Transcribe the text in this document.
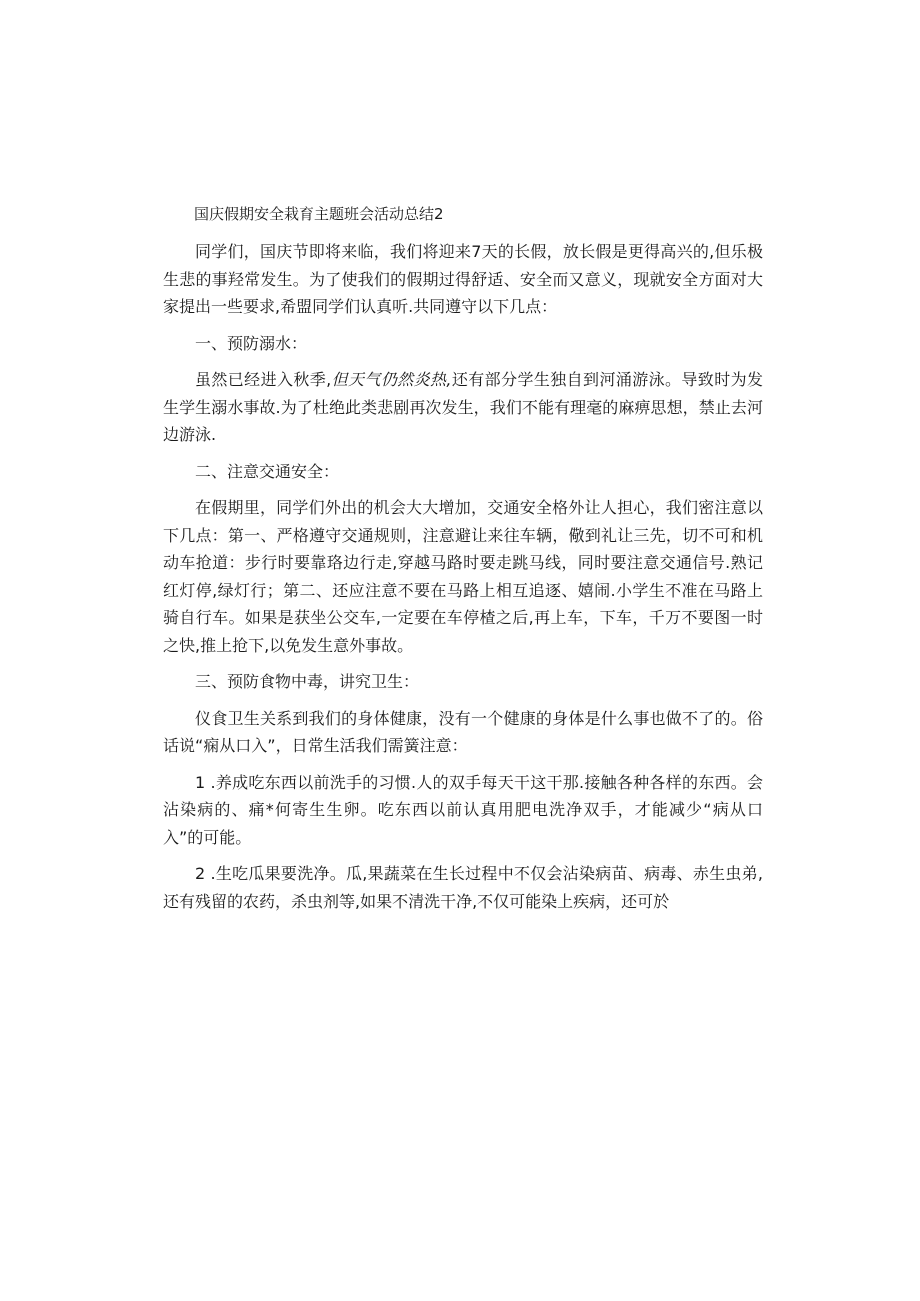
国庆假期安全栽育主题班会活动总结2

同学们，国庆节即将来临，我们将迎来7天的长假，放长假是更得高兴的,但乐极生悲的事羟常发生。为了使我们的假期过得舒适、安全而又意义，现就安全方面对大家提出一些要求,希盟同学们认真听.共同遵守以下几点：

一、预防溺水：

虽然已经进入秋季,但天气仍然炎热,还有部分学生独自到河涌游泳。导致时为发生学生溺水事故.为了杜绝此类悲剧再次发生，我们不能有理毫的麻痹思想，禁止去河边游泳.

二、注意交通安全：

在假期里，同学们外出的机会大大增加，交通安全格外让人担心，我们密注意以下几点：第一、严格遵守交通规则，注意避让来往车辆，儆到礼让三先，切不可和机动车抢道：步行时要靠珞边行走,穿越马路时要走跳马线，同时要注意交通信号.熟记红灯停,绿灯行；第二、还应注意不要在马路上相互追逐、嬉闹.小学生不准在马路上骑自行车。如果是获坐公交车,一定要在车停楂之后,再上车，下车，千万不要图一时之快,推上抢下,以免发生意外事故。

三、预防食物中毒，讲究卫生：

仪食卫生关系到我们的身体健康，没有一个健康的身体是什么事也做不了的。俗话说“痫从口入”，日常生活我们需簧注意：

1 .养成吃东西以前洗手的习惯.人的双手每天干这干那.接触各种各样的东西。会沾染病的、痛*何寄生生卵。吃东西以前认真用肥电洗净双手，才能减少“病从口入”的可能。

2 .生吃瓜果要洗净。瓜,果蔬菜在生长过程中不仅会沾染病苗、病毒、赤生虫弟,还有残留的农药，杀虫剂等,如果不清洗干净,不仅可能染上疾病，还可於
